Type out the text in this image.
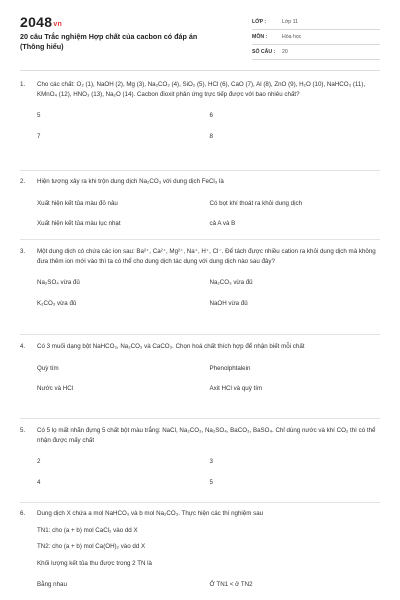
2048vn
20 câu Trắc nghiệm Hợp chất của cacbon có đáp án (Thông hiểu)
LỚP :	Lớp 11
MÔN :	Hóa học
SỐ CÂU :	20
1.	Cho các chất: O₂ (1), NaOH (2), Mg (3), Na₂CO₃ (4), SiO₂ (5), HCl (6), CaO (7), Al (8), ZnO (9), H₂O (10), NaHCO₃ (11), KMnO₄ (12), HNO₃ (13), Na₂O (14). Cacbon đioxit phản ứng trực tiếp được với bao nhiêu chất?
5	6
7	8
2.	Hiện tượng xảy ra khi trộn dung dịch Na₂CO₃ với dung dịch FeCl₃ là
Xuất hiện kết tủa màu đỏ nâu	Có bọt khí thoát ra khỏi dung dịch
Xuất hiện kết tủa màu lục nhạt	cả A và B
3.	Một dung dịch có chứa các ion sau: Ba²⁺, Ca²⁺, Mg²⁺, Na⁺, H⁺, Cl⁻. Để tách được nhiều cation ra khỏi dung dịch mà không đưa thêm ion mới vào thì ta có thể cho dung dịch tác dụng với dung dịch nào sau đây?
Na₂SO₄ vừa đủ	Na₂CO₃ vừa đủ
K₂CO₃ vừa đủ	NaOH vừa đủ
4.	Có 3 muối dạng bột NaHCO₃, Na₂CO₃ và CaCO₃. Chọn hoá chất thích hợp để nhận biết mỗi chất
Quỳ tím	Phenolphtalein
Nước và HCl	Axit HCl và quỳ tím
5.	Có 5 lọ mất nhãn đựng 5 chất bột màu trắng: NaCl, Na₂CO₃, Na₂SO₄, BaCO₃, BaSO₄. Chỉ dùng nước và khí CO₂ thì có thể nhận được mấy chất
2	3
4	5
6.	Dung dịch X chứa a mol NaHCO₃ và b mol Na₂CO₃. Thực hiện các thí nghiệm sau
TN1: cho (a + b) mol CaCl₂ vào dd X
TN2: cho (a + b) mol Ca(OH)₂ vào dd X
Khối lượng kết tủa thu được trong 2 TN là
Bằng nhau	Ở TN1 < ở TN2
